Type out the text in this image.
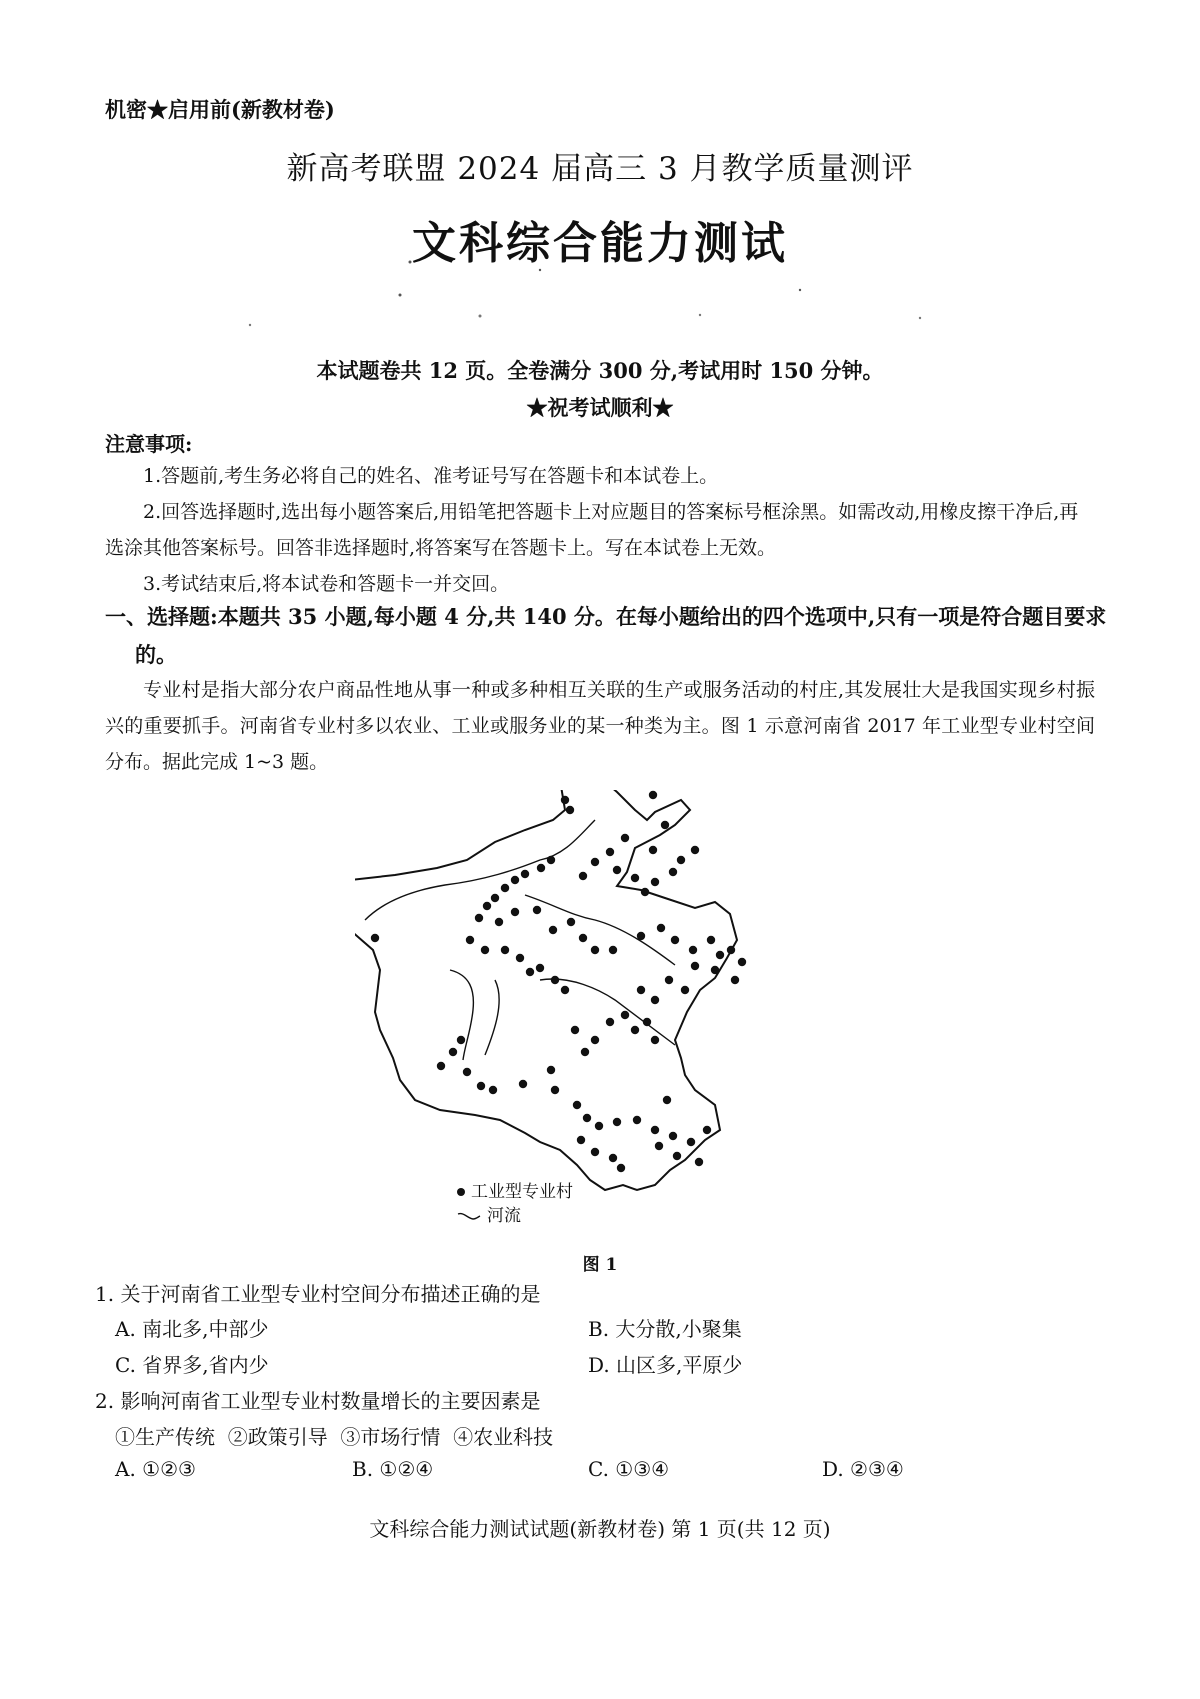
机密★启用前(新教材卷)
新高考联盟 2024 届高三 3 月教学质量测评
文科综合能力测试
本试题卷共 12 页。全卷满分 300 分,考试用时 150 分钟。
★祝考试顺利★
注意事项:

1.答题前,考生务必将自己的姓名、准考证号写在答题卡和本试卷上。

2.回答选择题时,选出每小题答案后,用铅笔把答题卡上对应题目的答案标号框涂黑。如需改动,用橡皮擦干净后,再选涂其他答案标号。回答非选择题时,将答案写在答题卡上。写在本试卷上无效。

3.考试结束后,将本试卷和答题卡一并交回。

一、选择题:本题共 35 小题,每小题 4 分,共 140 分。在每小题给出的四个选项中,只有一项是符合题目要求的。
专业村是指大部分农户商品性地从事一种或多种相互关联的生产或服务活动的村庄,其发展壮大是我国实现乡村振兴的重要抓手。河南省专业村多以农业、工业或服务业的某一种类为主。图 1 示意河南省 2017 年工业型专业村空间分布。据此完成 1~3 题。
工业型专业村
河流
图 1
1. 关于河南省工业型专业村空间分布描述正确的是
A. 南北多,中部少	B. 大分散,小聚集
C. 省界多,省内少	D. 山区多,平原少
2. 影响河南省工业型专业村数量增长的主要因素是
①生产传统  ②政策引导  ③市场行情  ④农业科技
A. ①②③	B. ①②④	C. ①③④	D. ②③④
文科综合能力测试试题(新教材卷) 第 1 页(共 12 页)
